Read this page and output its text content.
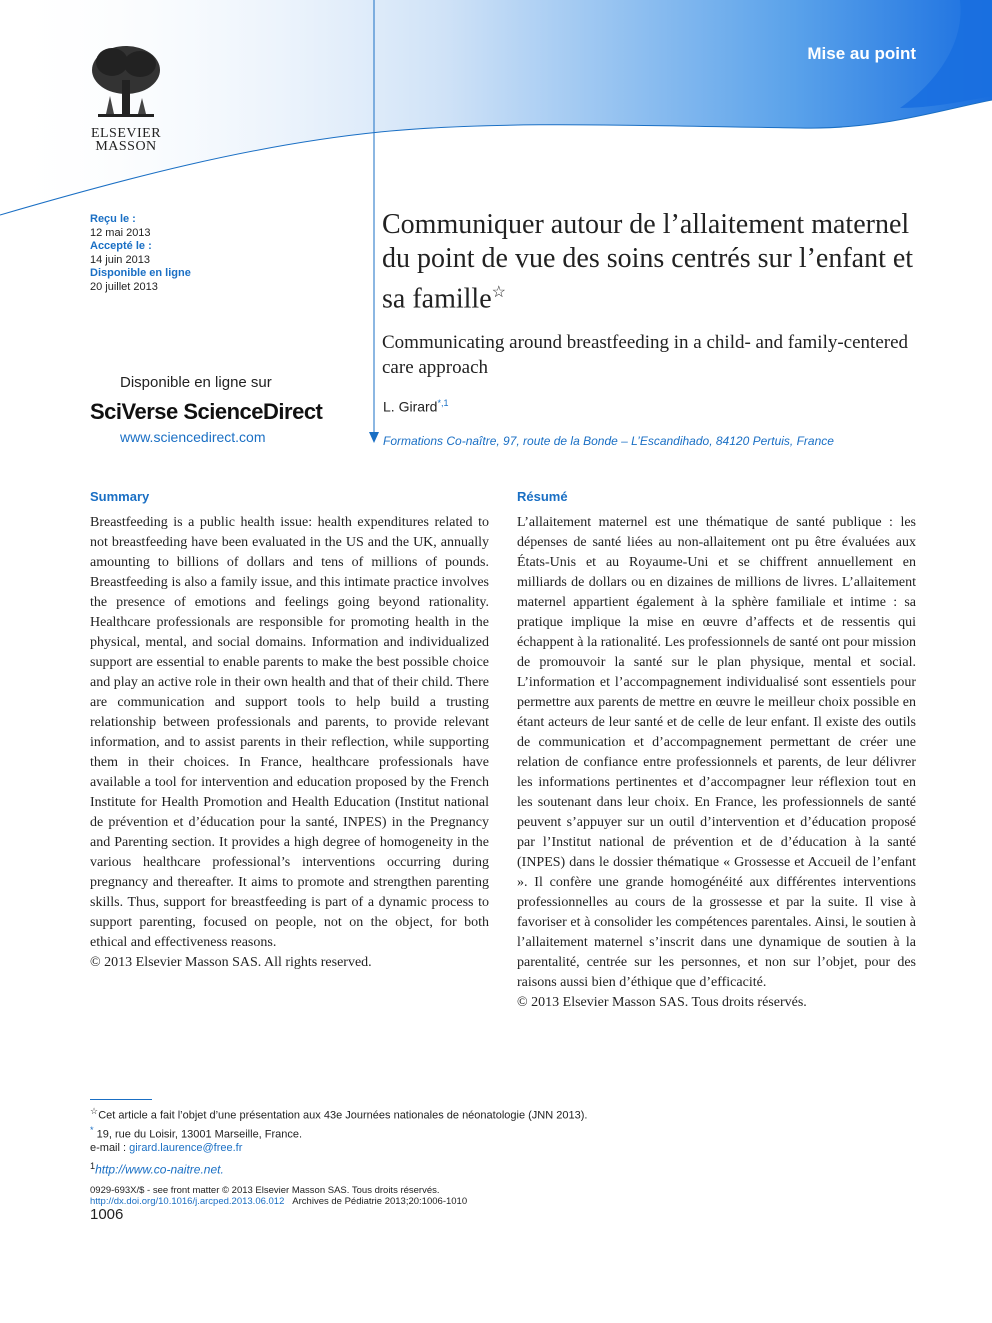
Mise au point
ELSEVIER
MASSON
Reçu le :
12 mai 2013
Accepté le :
14 juin 2013
Disponible en ligne
20 juillet 2013
Disponible en ligne sur
SciVerse ScienceDirect
www.sciencedirect.com
Communiquer autour de l’allaitement maternel du point de vue des soins centrés sur l’enfant et sa famille☆
Communicating around breastfeeding in a child- and family-centered care approach
L. Girard$^{*,1}$
Formations Co-naître, 97, route de la Bonde – L’Escandihado, 84120 Pertuis, France
Summary

Breastfeeding is a public health issue: health expenditures related to not breastfeeding have been evaluated in the US and the UK, annually amounting to billions of dollars and tens of millions of pounds. Breastfeeding is also a family issue, and this intimate practice involves the presence of emotions and feelings going beyond rationality. Healthcare professionals are responsible for promoting health in the physical, mental, and social domains. Information and individualized support are essential to enable parents to make the best possible choice and play an active role in their own health and that of their child. There are communication and support tools to help build a trusting relationship between professionals and parents, to provide relevant information, and to assist parents in their reflection, while supporting them in their choices. In France, healthcare professionals have available a tool for intervention and education proposed by the French Institute for Health Promotion and Health Education (Institut national de prévention et d’éducation pour la santé, INPES) in the Pregnancy and Parenting section. It provides a high degree of homogeneity in the various healthcare professional’s interventions occurring during pregnancy and thereafter. It aims to promote and strengthen parenting skills. Thus, support for breastfeeding is part of a dynamic process to support parenting, focused on people, not on the object, for both ethical and effectiveness reasons.

© 2013 Elsevier Masson SAS. All rights reserved.

Résumé

L’allaitement maternel est une thématique de santé publique : les dépenses de santé liées au non-allaitement ont pu être évaluées aux États-Unis et au Royaume-Uni et se chiffrent annuellement en milliards de dollars ou en dizaines de millions de livres. L’allaitement maternel appartient également à la sphère familiale et intime : sa pratique implique la mise en œuvre d’affects et de ressentis qui échappent à la rationalité. Les professionnels de santé ont pour mission de promouvoir la santé sur le plan physique, mental et social. L’information et l’accompagnement individualisé sont essentiels pour permettre aux parents de mettre en œuvre le meilleur choix possible en étant acteurs de leur santé et de celle de leur enfant. Il existe des outils de communication et d’accompagnement permettant de créer une relation de confiance entre professionnels et parents, de leur délivrer les informations pertinentes et d’accompagner leur réflexion tout en les soutenant dans leur choix. En France, les professionnels de santé peuvent s’appuyer sur un outil d’intervention et d’éducation proposé par l’Institut national de prévention et de d’éducation à la santé (INPES) dans le dossier thématique « Grossesse et Accueil de l’enfant ». Il confère une grande homogénéité aux différentes interventions professionnelles au cours de la grossesse et par la suite. Il vise à favoriser et à consolider les compétences parentales. Ainsi, le soutien à l’allaitement maternel s’inscrit dans une dynamique de soutien à la parentalité, centrée sur les personnes, et non sur l’objet, pour des raisons aussi bien d’éthique que d’efficacité.

© 2013 Elsevier Masson SAS. Tous droits réservés.

☆Cet article a fait l’objet d’une présentation aux 43e Journées nationales de néonatologie (JNN 2013).
* 19, rue du Loisir, 13001 Marseille, France.
e-mail : girard.laurence@free.fr
$^1$http://www.co-naitre.net.
0929-693X/$ - see front matter © 2013 Elsevier Masson SAS. Tous droits réservés.
http://dx.doi.org/10.1016/j.arcped.2013.06.012 Archives de Pédiatrie 2013;20:1006-1010
1006
